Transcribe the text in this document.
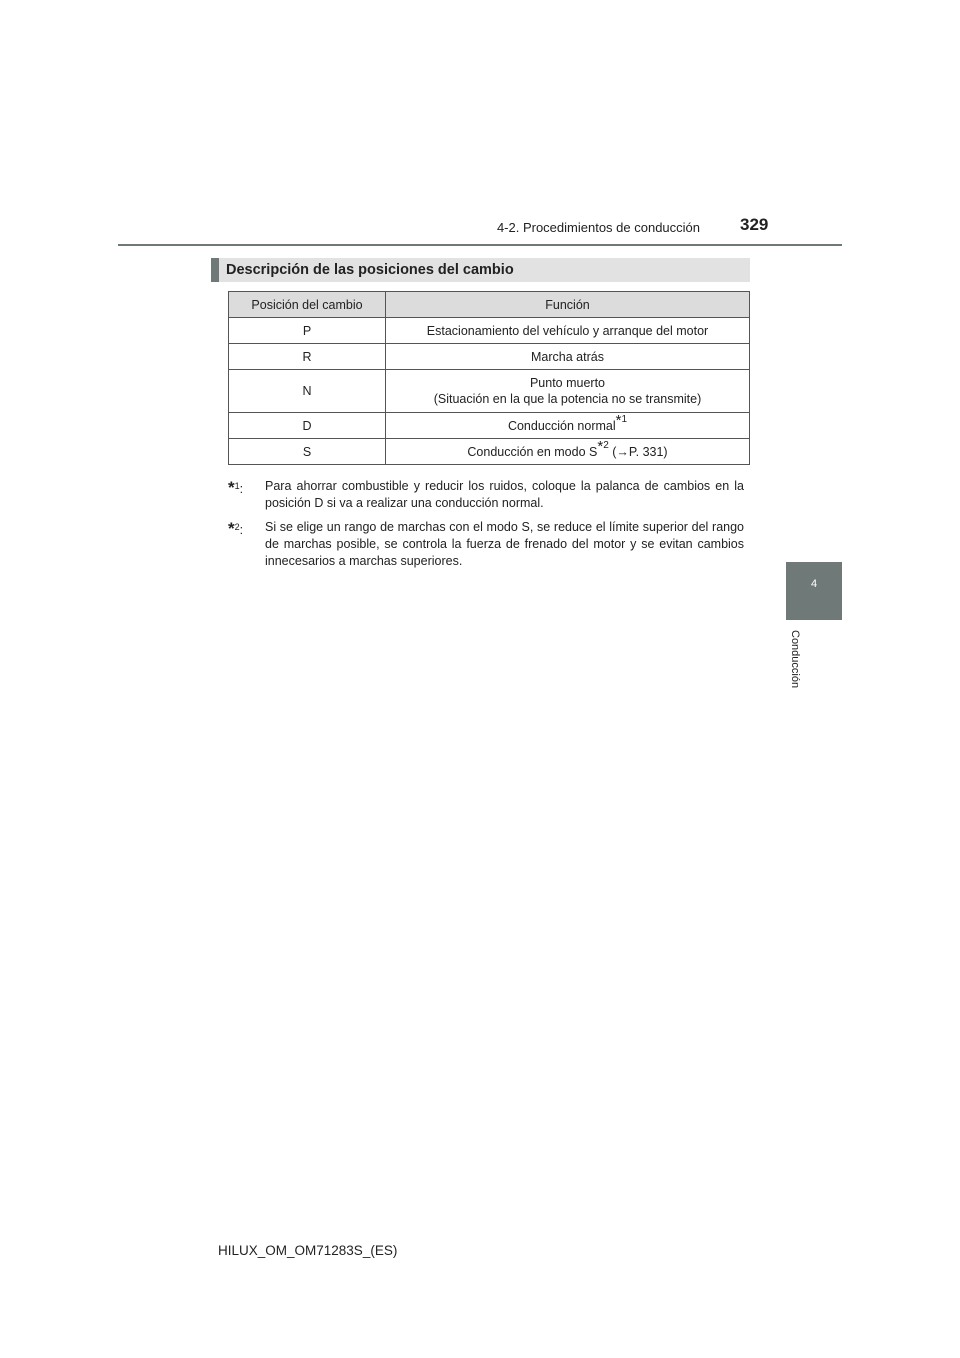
4-2. Procedimientos de conducción 329
4
Conducción
Descripción de las posiciones del cambio
Posición del cambio	Función
P	Estacionamiento del vehículo y arranque del motor
R	Marcha atrás
N	Punto muerto
(Situación en la que la potencia no se transmite)

D	Conducción normal$^{*^1}$
S	Conducción en modo $S^{*^2}$ (→P. 331)
*$^1$: Para ahorrar combustible y reducir los ruidos, coloque la palanca de cambios en la posición D si va a realizar una conducción normal.
*$^2$: Si se elige un rango de marchas con el modo S, se reduce el límite superior del rango de marchas posible, se controla la fuerza de frenado del motor y se evitan cambios innecesarios a marchas superiores.
HILUX_OM_OM71283S_(ES)
